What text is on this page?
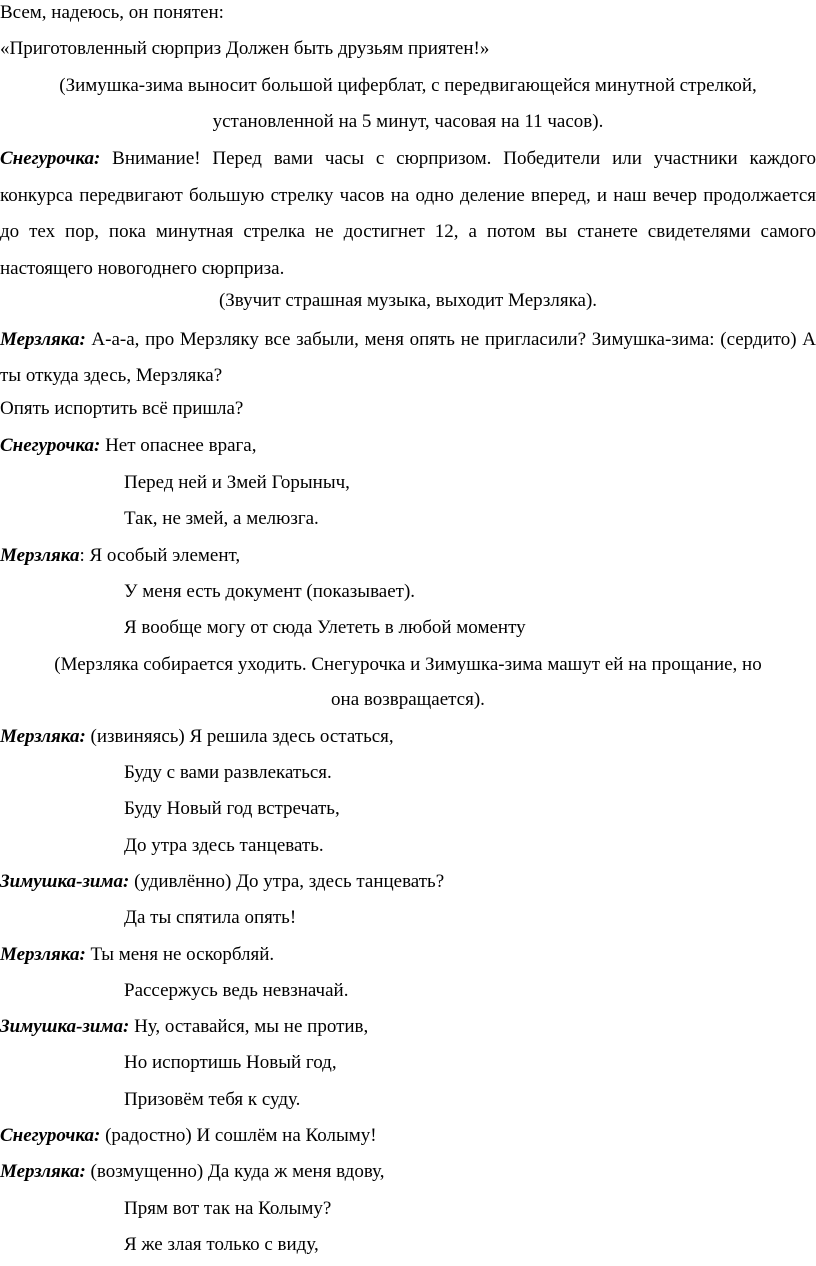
Всем, надеюсь, он понятен:
«Приготовленный сюрприз Должен быть друзьям приятен!»
(Зимушка-зима выносит большой циферблат, с передвигающейся минутной стрелкой,
установленной на 5 минут, часовая на 11 часов).
Снегурочка: Внимание! Перед вами часы с сюрпризом. Победители или участники каждого конкурса передвигают большую стрелку часов на одно деление вперед, и наш вечер продолжается до тех пор, пока минутная стрелка не достигнет 12, а потом вы станете свидетелями самого настоящего новогоднего сюрприза.
(Звучит страшная музыка, выходит Мерзляка).
Мерзляка: А-а-а, про Мерзляку все забыли, меня опять не пригласили? Зимушка-зима: (сердито) А ты откуда здесь, Мерзляка?
Опять испортить всё пришла?
Снегурочка: Нет опаснее врага,
Перед ней и Змей Горыныч,
Так, не змей, а мелюзга.
Мерзляка: Я особый элемент,
У меня есть документ (показывает).
Я вообще могу от сюда Улететь в любой моменту
(Мерзляка собирается уходить. Снегурочка и Зимушка-зима машут ей на прощание, но
она возвращается).
Мерзляка: (извиняясь) Я решила здесь остаться,
Буду с вами развлекаться.
Буду Новый год встречать,
До утра здесь танцевать.
Зимушка-зима: (удивлённо) До утра, здесь танцевать?
Да ты спятила опять!
Мерзляка: Ты меня не оскорбляй.
Рассержусь ведь невзначай.
Зимушка-зима: Ну, оставайся, мы не против,
Но испортишь Новый год,
Призовём тебя к суду.
Снегурочка: (радостно) И сошлём на Колыму!
Мерзляка: (возмущенно) Да куда ж меня вдову,
Прям вот так на Колыму?
Я же злая только с виду,
